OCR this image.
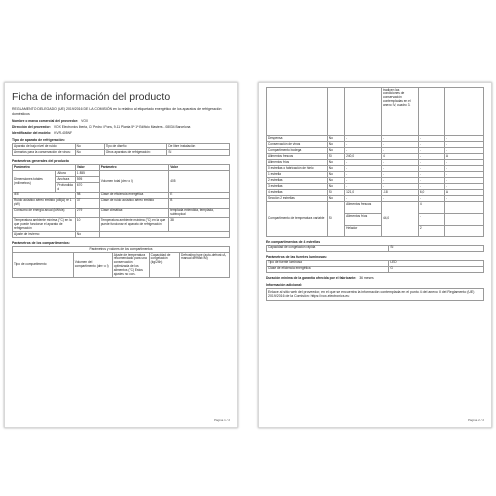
Ficha de información del producto

REGLAMENTO DELEGADO (UE) 2019/2016 DE LA COMISIÓN en lo relativo al etiquetado energético de los aparatos de refrigeración domésticos

Nombre o marca comercial del proveedor: VOX
Dirección del proveedor: VOX Electronics Iberia, C/ Pedro i Pons, 9-11 Planta 5ª 1ª Edificio Masters - 08034 Barcelona
Identificador del modelo: KVR-405NF
Tipo de aparato de refrigeración:
Aparato de bajo nivel de ruido:	No	Tipo de diseño	De libre instalación
Armarios para la conservación de vinos:	No	Otros aparatos de refrigeración:	Sí
Parámetros generales del producto
Parámetro		Valor	Parámetro	Valor
Dimensiones totales (milímetros)	Altura	1 855	Volumen total (dm³ o l)	405
	Anchura	595		
	Profundidad	670		
IEE		98	Clase de eficiencia energética	E
Ruido acústico aéreo emitido (dB(A) re 1 pW)		37	Clase de ruido acústico aéreo emitido	B
Consumo de energía anual (kWh/a)		279	Clase climática:	templada extendida, templada, subtropical
Temperatura ambiente mínima (°C) en la que puede funcionar el aparato de refrigeración		10	Temperatura ambiente máxima (°C) en la que puede funcionar el aparato de refrigeración	38
Ajuste de invierno		No		
Parámetros de los compartimentos:
Parámetros y valores de los compartimentos
Tipo de compartimento	Volumen del compartimento (dm³ o l)	Ajuste de temperatura recomendado para una conservación optimizada de los alimentos (°C) Estos ajustes no con-	Capacidad de congelación (kg/24h)	Defrosting type (auto-defrost=A, manual defrost=M)
Página 1 / 2
			tradicen las condiciones de conservación contempladas en el anexo IV, cuadro 3.		
Despensa	No	-	-	-	-
Conservación de vinos	No	-	-	-	-
Compartimento bodega	No	-	-	-	-
Alimentos frescos	Sí	240,0	4	-	A
Alimentos fríos	No	-	-	-	-
0 estrellas o fabricación de hielo	No	-	-	-	-
1 estrella	No	-	-	-	-
2 estrellas	No	-	-	-	-
3 estrellas	No	-	-	-	-
4 estrellas	Sí	121,0	-18	6,0	A
Sección 2 estrellas	No	-	-	-	-
Compartimento de temperatura variable	Sí	Alimentos frescos	44,0	4	
		Alimentos fríos		-	
		Helador		2	
En compartimentos de 4 estrellas
Capacidad de congelación rápida	Sí
Parámetros de las fuentes luminosas:
Tipo de fuente luminosa	LED
Clase de eficiencia energética	G
Duración mínima de la garantía ofrecida por el fabricante: 36 meses
Información adicional:
Enlace al sitio web del proveedor, en el que se encuentra la información contemplada en el punto 4 del anexo II del Reglamento (UE) 2019/2016 de la Comisión: https://vox-electronics.eu
Página 2 / 2
